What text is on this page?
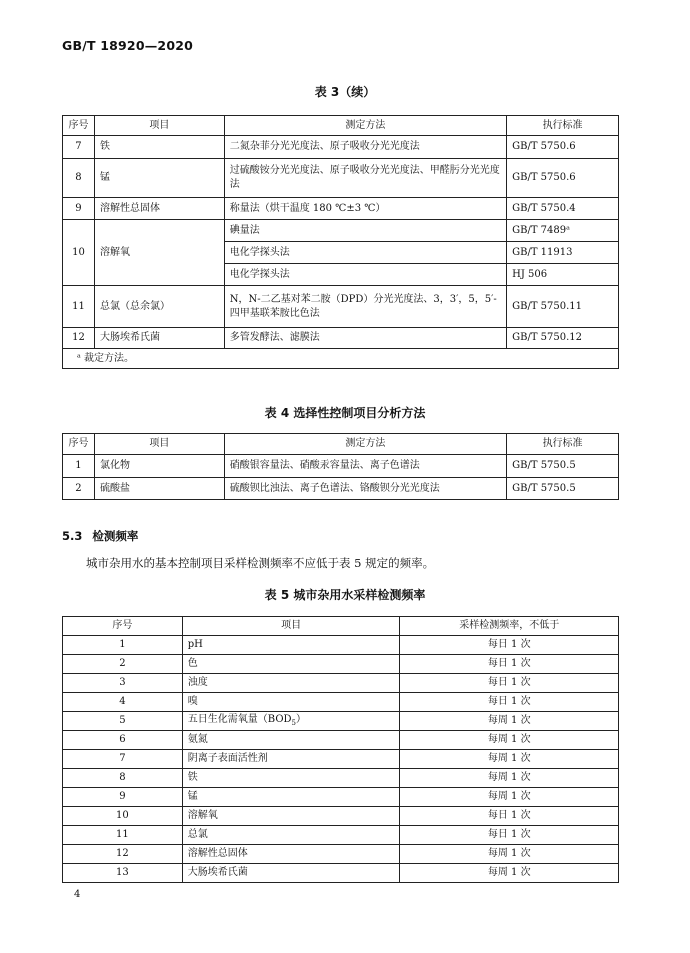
GB/T 18920—2020
表 3（续）
序号	项目	测定方法	执行标准
7	铁	二氮杂菲分光光度法、原子吸收分光光度法	GB/T 5750.6
8	锰	过硫酸铵分光光度法、原子吸收分光光度法、甲醛肟分光光度法	GB/T 5750.6
9	溶解性总固体	称量法（烘干温度 180 ℃±3 ℃）	GB/T 5750.4
10	溶解氧	碘量法	GB/T 7489ᵃ
		电化学探头法	GB/T 11913
		电化学探头法	HJ 506
11	总氯（总余氯）	N，N-二乙基对苯二胺（DPD）分光光度法、3，3′，5，5′-四甲基联苯胺比色法	GB/T 5750.11
12	大肠埃希氏菌	多管发酵法、滤膜法	GB/T 5750.12
ᵃ 裁定方法。			
表 4 选择性控制项目分析方法
序号	项目	测定方法	执行标准
1	氯化物	硝酸银容量法、硝酸汞容量法、离子色谱法	GB/T 5750.5
2	硫酸盐	硫酸钡比浊法、离子色谱法、铬酸钡分光光度法	GB/T 5750.5
5.3 检测频率
城市杂用水的基本控制项目采样检测频率不应低于表 5 规定的频率。
表 5 城市杂用水采样检测频率
序号	项目	采样检测频率，不低于
1	pH	每日 1 次
2	色	每日 1 次
3	浊度	每日 1 次
4	嗅	每日 1 次
5	五日生化需氧量$(BOD_5)$	每周 1 次
6	氨氮	每周 1 次
7	阴离子表面活性剂	每周 1 次
8	铁	每周 1 次
9	锰	每周 1 次
10	溶解氧	每日 1 次
11	总氯	每日 1 次
12	溶解性总固体	每周 1 次
13	大肠埃希氏菌	每周 1 次
4
